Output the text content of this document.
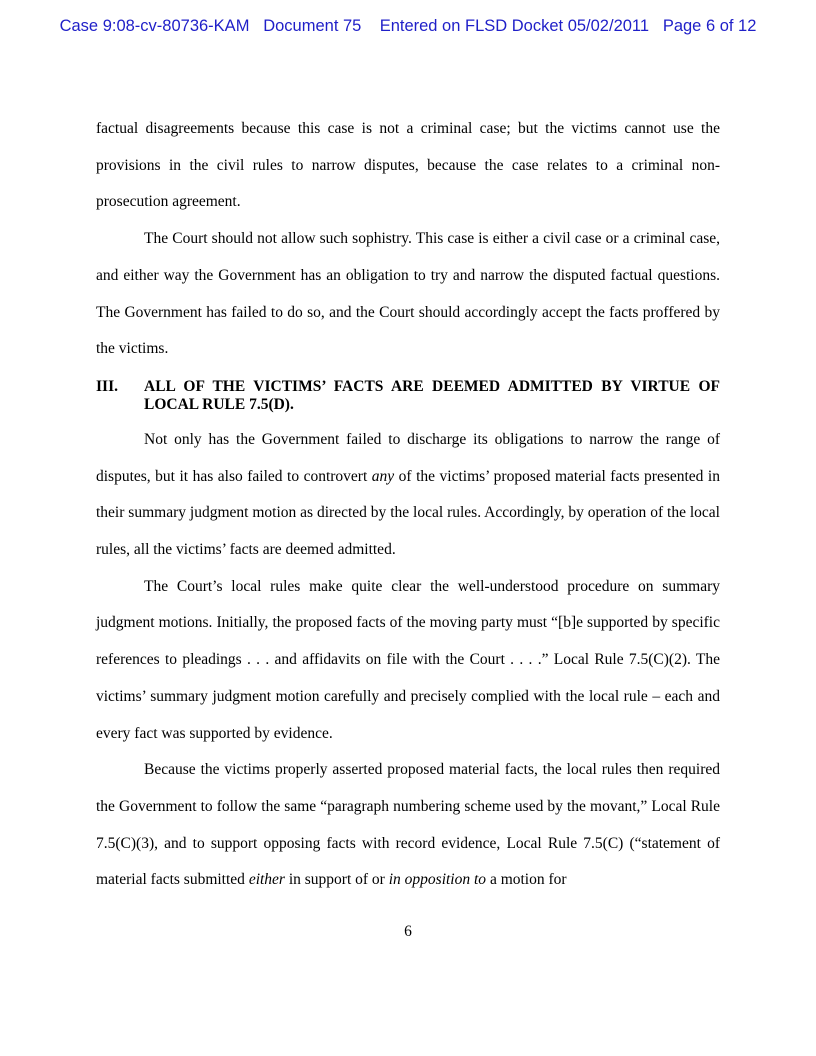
Case 9:08-cv-80736-KAM Document 75 Entered on FLSD Docket 05/02/2011 Page 6 of 12

factual disagreements because this case is not a criminal case; but the victims cannot use the provisions in the civil rules to narrow disputes, because the case relates to a criminal non-prosecution agreement.

The Court should not allow such sophistry. This case is either a civil case or a criminal case, and either way the Government has an obligation to try and narrow the disputed factual questions. The Government has failed to do so, and the Court should accordingly accept the facts proffered by the victims.

III.	ALL OF THE VICTIMS’ FACTS ARE DEEMED ADMITTED BY VIRTUE OF LOCAL RULE 7.5(D).

Not only has the Government failed to discharge its obligations to narrow the range of disputes, but it has also failed to controvert any of the victims’ proposed material facts presented in their summary judgment motion as directed by the local rules. Accordingly, by operation of the local rules, all the victims’ facts are deemed admitted.

The Court’s local rules make quite clear the well-understood procedure on summary judgment motions. Initially, the proposed facts of the moving party must “[b]e supported by specific references to pleadings . . . and affidavits on file with the Court . . . .” Local Rule 7.5(C)(2). The victims’ summary judgment motion carefully and precisely complied with the local rule – each and every fact was supported by evidence.

Because the victims properly asserted proposed material facts, the local rules then required the Government to follow the same “paragraph numbering scheme used by the movant,” Local Rule 7.5(C)(3), and to support opposing facts with record evidence, Local Rule 7.5(C) (“statement of material facts submitted either in support of or in opposition to a motion for

6
